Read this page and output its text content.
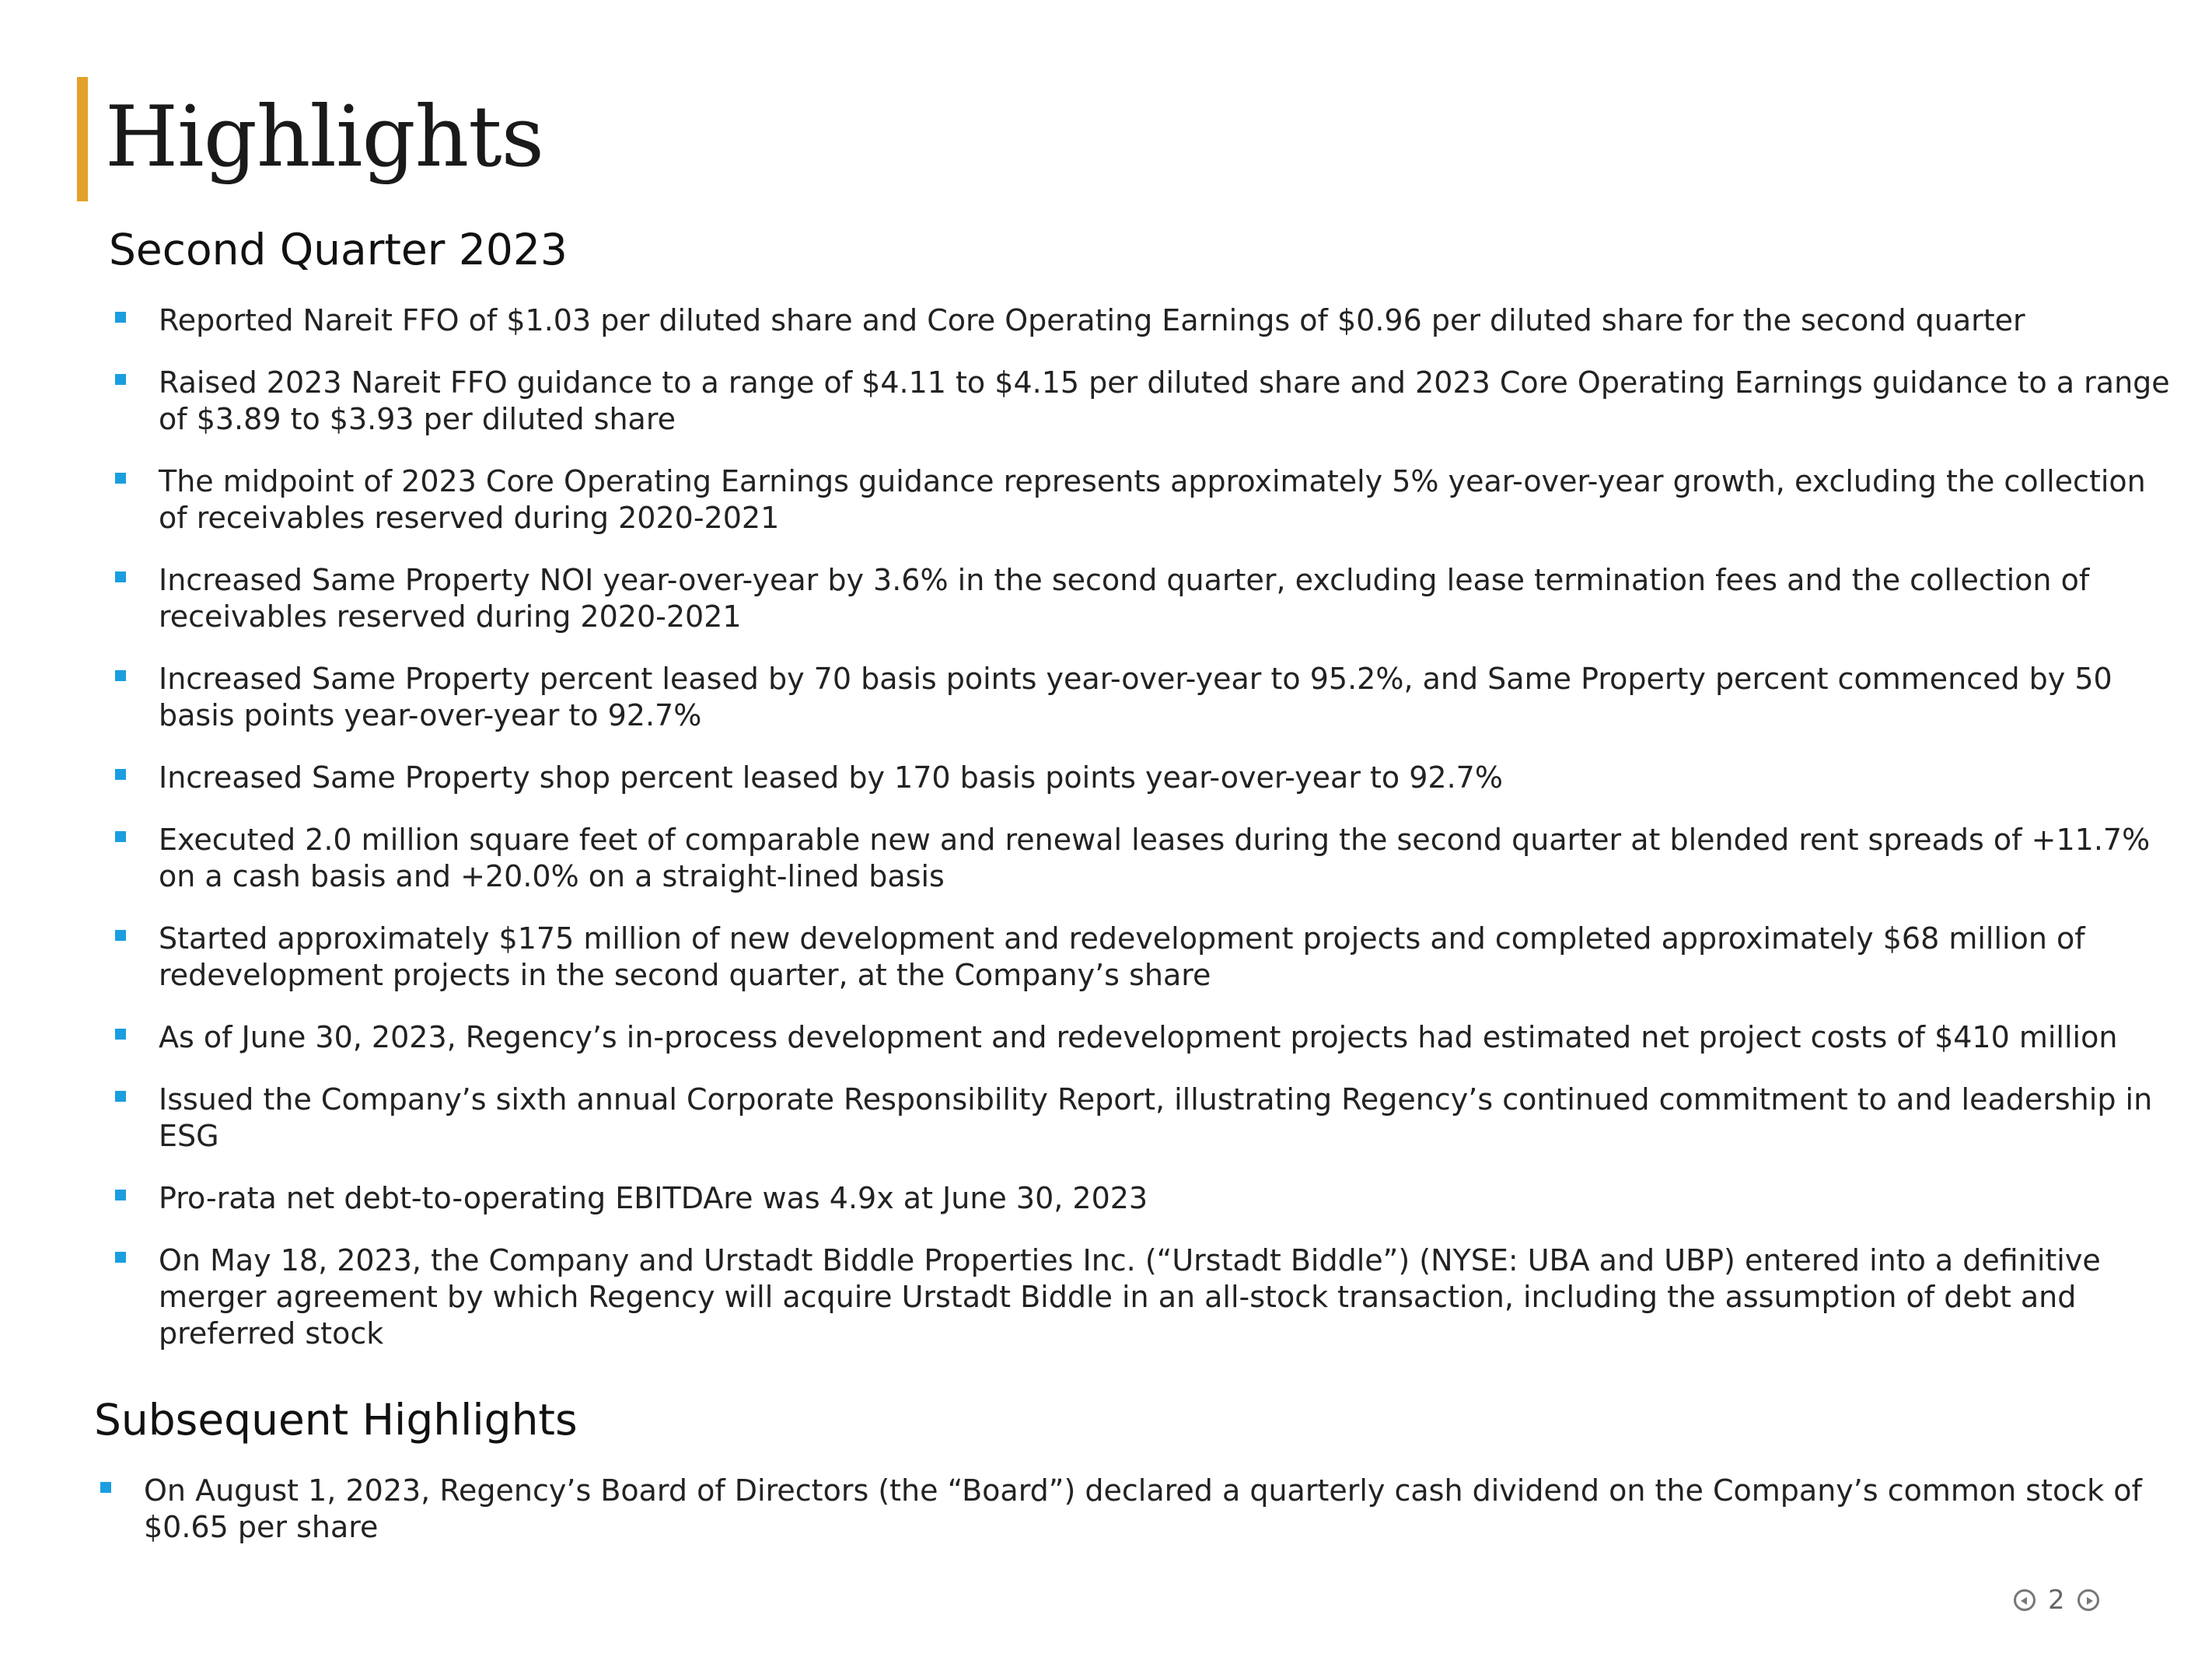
Highlights
Second Quarter 2023
Reported Nareit FFO of $1.03 per diluted share and Core Operating Earnings of $0.96 per diluted share for the second quarter
Raised 2023 Nareit FFO guidance to a range of $4.11 to $4.15 per diluted share and 2023 Core Operating Earnings guidance to a range of $3.89 to $3.93 per diluted share
The midpoint of 2023 Core Operating Earnings guidance represents approximately 5% year-over-year growth, excluding the collection of receivables reserved during 2020-2021
Increased Same Property NOI year-over-year by 3.6% in the second quarter, excluding lease termination fees and the collection of receivables reserved during 2020-2021
Increased Same Property percent leased by 70 basis points year-over-year to 95.2%, and Same Property percent commenced by 50 basis points year-over-year to 92.7%
Increased Same Property shop percent leased by 170 basis points year-over-year to 92.7%
Executed 2.0 million square feet of comparable new and renewal leases during the second quarter at blended rent spreads of +11.7% on a cash basis and +20.0% on a straight-lined basis
Started approximately $175 million of new development and redevelopment projects and completed approximately $68 million of redevelopment projects in the second quarter, at the Company’s share
As of June 30, 2023, Regency’s in-process development and redevelopment projects had estimated net project costs of $410 million
Issued the Company’s sixth annual Corporate Responsibility Report, illustrating Regency’s continued commitment to and leadership in ESG
Pro-rata net debt-to-operating EBITDAre was 4.9x at June 30, 2023
On May 18, 2023, the Company and Urstadt Biddle Properties Inc. (“Urstadt Biddle”) (NYSE: UBA and UBP) entered into a definitive merger agreement by which Regency will acquire Urstadt Biddle in an all-stock transaction, including the assumption of debt and preferred stock
Subsequent Highlights
On August 1, 2023, Regency’s Board of Directors (the “Board”) declared a quarterly cash dividend on the Company’s common stock of $0.65 per share
2
